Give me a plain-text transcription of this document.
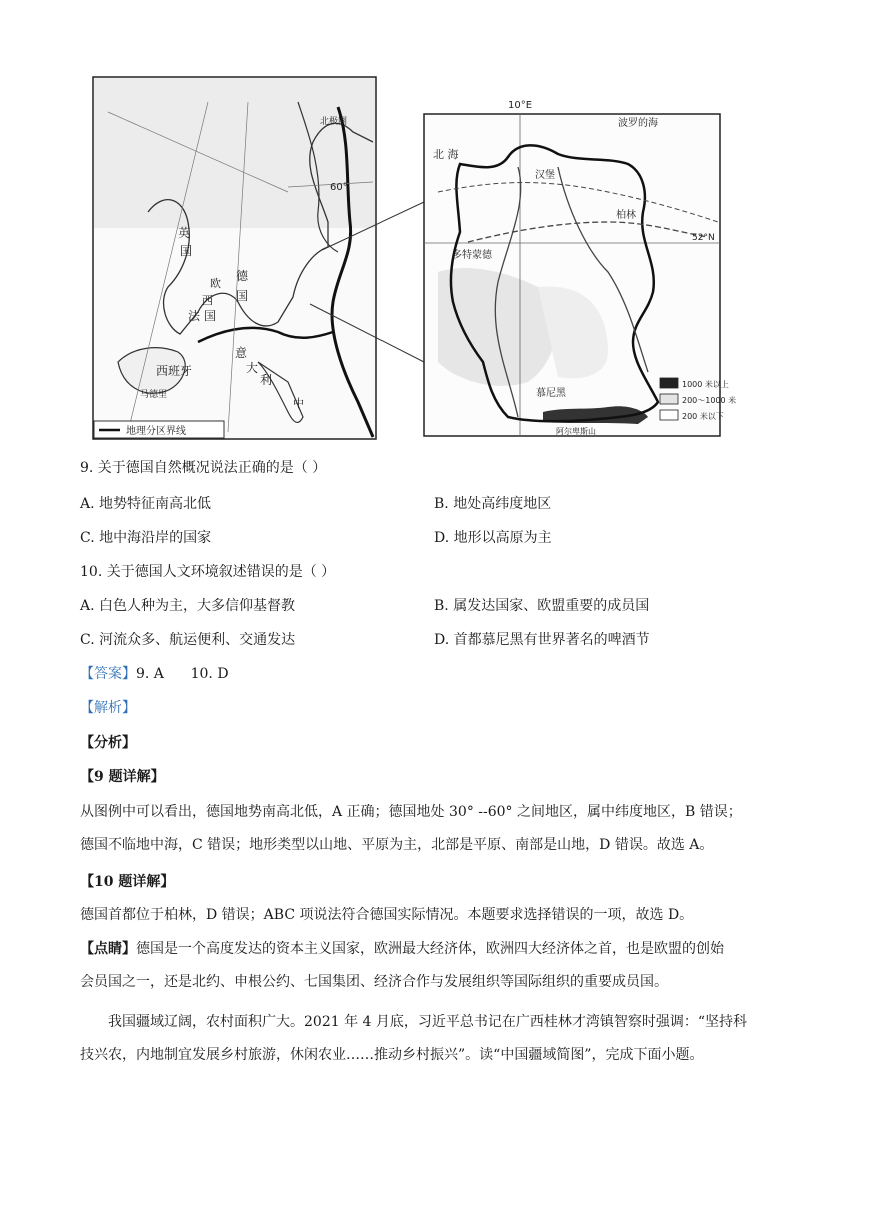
西班牙
马德里
法 国
英
国
德
国
意
大
利
欧
西
中
北极圈
60°
地理分区界线
10°E
52°N
北 海
波罗的海
汉堡
柏林
多特蒙德
慕尼黑
阿尔卑斯山
1000 米以上
200～1000 米
200 米以下
9. 关于德国自然概况说法正确的是（ ）
A. 地势特征南高北低	B. 地处高纬度地区
C. 地中海沿岸的国家	D. 地形以高原为主
10. 关于德国人文环境叙述错误的是（ ）
A. 白色人种为主，大多信仰基督教	B. 属发达国家、欧盟重要的成员国
C. 河流众多、航运便利、交通发达	D. 首都慕尼黑有世界著名的啤酒节
【答案】9. A      10. D
【解析】
【分析】
【9 题详解】
从图例中可以看出，德国地势南高北低，A 正确；德国地处 30° --60° 之间地区，属中纬度地区，B 错误；
德国不临地中海，C 错误；地形类型以山地、平原为主，北部是平原、南部是山地，D 错误。故选 A。
【10 题详解】
德国首都位于柏林，D 错误；ABC 项说法符合德国实际情况。本题要求选择错误的一项，故选 D。
【点睛】德国是一个高度发达的资本主义国家，欧洲最大经济体，欧洲四大经济体之首，也是欧盟的创始
会员国之一，还是北约、申根公约、七国集团、经济合作与发展组织等国际组织的重要成员国。
我国疆域辽阔，农村面积广大。2021 年 4 月底，习近平总书记在广西桂林才湾镇智察时强调：“坚持科
技兴农，内地制宜发展乡村旅游，休闲农业……推动乡村振兴”。读“中国疆域简图”，完成下面小题。
